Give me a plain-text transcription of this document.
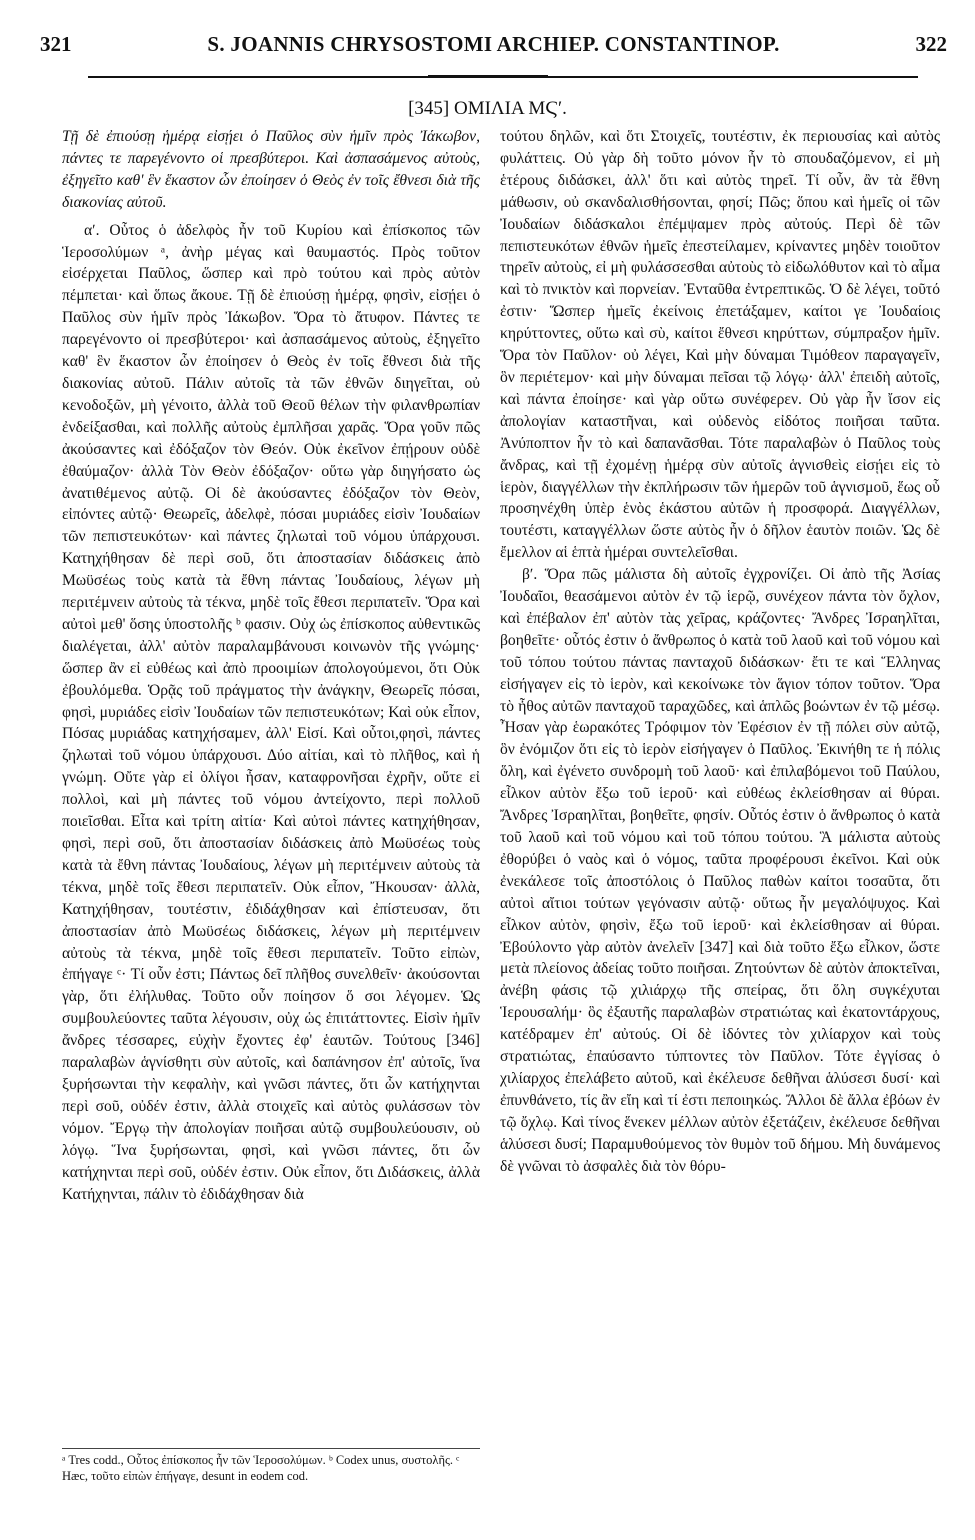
321	S. JOANNIS CHRYSOSTOMI ARCHIEP. CONSTANTINOP.	322
[345] ΟΜΙΛΙΑ ΜϚʹ.

Τῇ δὲ ἐπιούσῃ ἡμέρᾳ εἰσῄει ὁ Παῦλος σὺν ἡμῖν πρὸς Ἰάκωβον, πάντες τε παρεγένοντο οἱ πρεσβύτεροι. Καὶ ἀσπασάμενος αὐτοὺς, ἐξηγεῖτο καθ' ἓν ἕκαστον ὧν ἐποίησεν ὁ Θεὸς ἐν τοῖς ἔθνεσι διὰ τῆς διακονίας αὐτοῦ.

αʹ. Οὗτος ὁ ἀδελφὸς ἦν τοῦ Κυρίου καὶ ἐπίσκοπος τῶν Ἱεροσολύμων ᵃ, ἀνὴρ μέγας καὶ θαυμαστός. Πρὸς τοῦτον εἰσέρχεται Παῦλος, ὥσπερ καὶ πρὸ τούτου καὶ πρὸς αὐτὸν πέμπεται· καὶ ὅπως ἄκουε. Τῇ δὲ ἐπιούσῃ ἡμέρᾳ, φησὶν, εἰσῄει ὁ Παῦλος σὺν ἡμῖν πρὸς Ἰάκωβον. Ὅρα τὸ ἄτυφον. Πάντες τε παρεγένοντο οἱ πρεσβύτεροι· καὶ ἀσπασάμενος αὐτοὺς, ἐξηγεῖτο καθ' ἓν ἕκαστον ὧν ἐποίησεν ὁ Θεὸς ἐν τοῖς ἔθνεσι διὰ τῆς διακονίας αὐτοῦ. Πάλιν αὐτοῖς τὰ τῶν ἐθνῶν διηγεῖται, οὐ κενοδοξῶν, μὴ γένοιτο, ἀλλὰ τοῦ Θεοῦ θέλων τὴν φιλανθρωπίαν ἐνδείξασθαι, καὶ πολλῆς αὐτοὺς ἐμπλῆσαι χαρᾶς. Ὅρα γοῦν πῶς ἀκούσαντες καὶ ἐδόξαζον τὸν Θεόν. Οὐκ ἐκεῖνον ἐπῄρουν οὐδὲ ἐθαύμαζον· ἀλλὰ Τὸν Θεὸν ἐδόξαζον· οὕτω γὰρ διηγήσατο ὡς ἀνατιθέμενος αὐτῷ. Οἱ δὲ ἀκούσαντες ἐδόξαζον τὸν Θεὸν, εἰπόντες αὐτῷ· Θεωρεῖς, ἀδελφὲ, πόσαι μυριάδες εἰσὶν Ἰουδαίων τῶν πεπιστευκότων· καὶ πάντες ζηλωταὶ τοῦ νόμου ὑπάρχουσι. Κατηχήθησαν δὲ περὶ σοῦ, ὅτι ἀποστασίαν διδάσκεις ἀπὸ Μωϋσέως τοὺς κατὰ τὰ ἔθνη πάντας Ἰουδαίους, λέγων μὴ περιτέμνειν αὐτοὺς τὰ τέκνα, μηδὲ τοῖς ἔθεσι περιπατεῖν. Ὅρα καὶ αὐτοὶ μεθ' ὅσης ὑποστολῆς ᵇ φασιν. Οὐχ ὡς ἐπίσκοπος αὐθεντικῶς διαλέγεται, ἀλλ' αὐτὸν παραλαμβάνουσι κοινωνὸν τῆς γνώμης· ὥσπερ ἂν εἰ εὐθέως καὶ ἀπὸ προοιμίων ἀπολογούμενοι, ὅτι Οὐκ ἐβουλόμεθα. Ὁρᾷς τοῦ πράγματος τὴν ἀνάγκην, Θεωρεῖς πόσαι, φησὶ, μυριάδες εἰσὶν Ἰουδαίων τῶν πεπιστευκότων; Καὶ οὐκ εἶπον, Πόσας μυριάδας κατηχήσαμεν, ἀλλ' Εἰσί. Καὶ οὗτοι,φησὶ, πάντες ζηλωταὶ τοῦ νόμου ὑπάρχουσι. Δύο αἰτίαι, καὶ τὸ πλῆθος, καὶ ἡ γνώμη. Οὔτε γὰρ εἰ ὀλίγοι ἦσαν, καταφρονῆσαι ἐχρῆν, οὔτε εἰ πολλοὶ, καὶ μὴ πάντες τοῦ νόμου ἀντείχοντο, περὶ πολλοῦ ποιεῖσθαι. Εἶτα καὶ τρίτη αἰτία· Καὶ αὐτοὶ πάντες κατηχήθησαν, φησὶ, περὶ σοῦ, ὅτι ἀποστασίαν διδάσκεις ἀπὸ Μωϋσέως τοὺς κατὰ τὰ ἔθνη πάντας Ἰουδαίους, λέγων μὴ περιτέμνειν αὐτοὺς τὰ τέκνα, μηδὲ τοῖς ἔθεσι περιπατεῖν. Οὐκ εἶπον, Ἤκουσαν· ἀλλὰ, Κατηχήθησαν, τουτέστιν, ἐδιδάχθησαν καὶ ἐπίστευσαν, ὅτι ἀποστασίαν ἀπὸ Μωϋσέως διδάσκεις, λέγων μὴ περιτέμνειν αὐτοὺς τὰ τέκνα, μηδὲ τοῖς ἔθεσι περιπατεῖν. Τοῦτο εἰπὼν, ἐπήγαγε ᶜ· Τί οὖν ἐστι; Πάντως δεῖ πλῆθος συνελθεῖν· ἀκούσονται γὰρ, ὅτι ἐλήλυθας. Τοῦτο οὖν ποίησον ὅ σοι λέγομεν. Ὡς συμβουλεύοντες ταῦτα λέγουσιν, οὐχ ὡς ἐπιτάττοντες. Εἰσὶν ἡμῖν ἄνδρες τέσσαρες, εὐχὴν ἔχοντες ἐφ' ἑαυτῶν. Τούτους [346] παραλαβὼν ἁγνίσθητι σὺν αὐτοῖς, καὶ δαπάνησον ἐπ' αὐτοῖς, ἵνα ξυρήσωνται τὴν κεφαλὴν, καὶ γνῶσι πάντες, ὅτι ὧν κατήχηνται περὶ σοῦ, οὐδέν ἐστιν, ἀλλὰ στοιχεῖς καὶ αὐτὸς φυλάσσων τὸν νόμον. Ἔργῳ τὴν ἀπολογίαν ποιῆσαι αὐτῷ συμβουλεύουσιν, οὐ λόγῳ. Ἵνα ξυρήσωνται, φησὶ, καὶ γνῶσι πάντες, ὅτι ὧν κατήχηνται περὶ σοῦ, οὐδέν ἐστιν. Οὐκ εἶπον, ὅτι Διδάσκεις, ἀλλὰ Κατήχηνται, πάλιν τὸ ἐδιδάχθησαν διὰ

τούτου δηλῶν, καὶ ὅτι Στοιχεῖς, τουτέστιν, ἐκ περιουσίας καὶ αὐτὸς φυλάττεις. Οὐ γὰρ δὴ τοῦτο μόνον ἦν τὸ σπουδαζόμενον, εἰ μὴ ἑτέρους διδάσκει, ἀλλ' ὅτι καὶ αὐτὸς τηρεῖ. Τί οὖν, ἂν τὰ ἔθνη μάθωσιν, οὐ σκανδαλισθήσονται, φησί; Πῶς; ὅπου καὶ ἡμεῖς οἱ τῶν Ἰουδαίων διδάσκαλοι ἐπέμψαμεν πρὸς αὐτούς. Περὶ δὲ τῶν πεπιστευκότων ἐθνῶν ἡμεῖς ἐπεστείλαμεν, κρίναντες μηδὲν τοιοῦτον τηρεῖν αὐτοὺς, εἰ μὴ φυλάσσεσθαι αὐτοὺς τὸ εἰδωλόθυτον καὶ τὸ αἷμα καὶ τὸ πνικτὸν καὶ πορνείαν. Ἐνταῦθα ἐντρεπτικῶς. Ὁ δὲ λέγει, τοῦτό ἐστιν· Ὥσπερ ἡμεῖς ἐκείνοις ἐπετάξαμεν, καίτοι γε Ἰουδαίοις κηρύττοντες, οὕτω καὶ σὺ, καίτοι ἔθνεσι κηρύττων, σύμπραξον ἡμῖν. Ὅρα τὸν Παῦλον· οὐ λέγει, Καὶ μὴν δύναμαι Τιμόθεον παραγαγεῖν, ὃν περιέτεμον· καὶ μὴν δύναμαι πεῖσαι τῷ λόγῳ· ἀλλ' ἐπειδὴ αὐτοῖς, καὶ πάντα ἐποίησε· καὶ γὰρ οὕτω συνέφερεν. Οὐ γὰρ ἦν ἴσον εἰς ἀπολογίαν καταστῆναι, καὶ οὐδενὸς εἰδότος ποιῆσαι ταῦτα. Ἀνύποπτον ἦν τὸ καὶ δαπανᾶσθαι. Τότε παραλαβὼν ὁ Παῦλος τοὺς ἄνδρας, καὶ τῇ ἐχομένῃ ἡμέρᾳ σὺν αὐτοῖς ἁγνισθεὶς εἰσῄει εἰς τὸ ἱερὸν, διαγγέλλων τὴν ἐκπλήρωσιν τῶν ἡμερῶν τοῦ ἁγνισμοῦ, ἕως οὗ προσηνέχθη ὑπὲρ ἑνὸς ἑκάστου αὐτῶν ἡ προσφορά. Διαγγέλλων, τουτέστι, καταγγέλλων ὥστε αὐτὸς ἦν ὁ δῆλον ἑαυτὸν ποιῶν. Ὡς δὲ ἔμελλον αἱ ἑπτὰ ἡμέραι συντελεῖσθαι.

βʹ. Ὅρα πῶς μάλιστα δὴ αὐτοῖς ἐγχρονίζει. Οἱ ἀπὸ τῆς Ἀσίας Ἰουδαῖοι, θεασάμενοι αὐτὸν ἐν τῷ ἱερῷ, συνέχεον πάντα τὸν ὄχλον, καὶ ἐπέβαλον ἐπ' αὐτὸν τὰς χεῖρας, κράζοντες· Ἄνδρες Ἰσραηλῖται, βοηθεῖτε· οὗτός ἐστιν ὁ ἄνθρωπος ὁ κατὰ τοῦ λαοῦ καὶ τοῦ νόμου καὶ τοῦ τόπου τούτου πάντας πανταχοῦ διδάσκων· ἔτι τε καὶ Ἕλληνας εἰσήγαγεν εἰς τὸ ἱερὸν, καὶ κεκοίνωκε τὸν ἅγιον τόπον τοῦτον. Ὅρα τὸ ἦθος αὐτῶν πανταχοῦ ταραχῶδες, καὶ ἁπλῶς βοώντων ἐν τῷ μέσῳ. Ἦσαν γὰρ ἑωρακότες Τρόφιμον τὸν Ἐφέσιον ἐν τῇ πόλει σὺν αὐτῷ, ὃν ἐνόμιζον ὅτι εἰς τὸ ἱερὸν εἰσήγαγεν ὁ Παῦλος. Ἐκινήθη τε ἡ πόλις ὅλη, καὶ ἐγένετο συνδρομὴ τοῦ λαοῦ· καὶ ἐπιλαβόμενοι τοῦ Παύλου, εἷλκον αὐτὸν ἔξω τοῦ ἱεροῦ· καὶ εὐθέως ἐκλείσθησαν αἱ θύραι. Ἄνδρες Ἰσραηλῖται, βοηθεῖτε, φησίν. Οὗτός ἐστιν ὁ ἄνθρωπος ὁ κατὰ τοῦ λαοῦ καὶ τοῦ νόμου καὶ τοῦ τόπου τούτου. Ἃ μάλιστα αὐτοὺς ἐθορύβει ὁ ναὸς καὶ ὁ νόμος, ταῦτα προφέρουσι ἐκεῖνοι. Καὶ οὐκ ἐνεκάλεσε τοῖς ἀποστόλοις ὁ Παῦλος παθὼν καίτοι τοσαῦτα, ὅτι αὐτοὶ αἴτιοι τούτων γεγόνασιν αὐτῷ· οὕτως ἦν μεγαλόψυχος. Καὶ εἷλκον αὐτὸν, φησὶν, ἔξω τοῦ ἱεροῦ· καὶ ἐκλείσθησαν αἱ θύραι. Ἐβούλοντο γὰρ αὐτὸν ἀνελεῖν [347] καὶ διὰ τοῦτο ἔξω εἷλκον, ὥστε μετὰ πλείονος ἀδείας τοῦτο ποιῆσαι. Ζητούντων δὲ αὐτὸν ἀποκτεῖναι, ἀνέβη φάσις τῷ χιλιάρχῳ τῆς σπείρας, ὅτι ὅλη συγκέχυται Ἱερουσαλήμ· ὃς ἐξαυτῆς παραλαβὼν στρατιώτας καὶ ἑκατοντάρχους, κατέδραμεν ἐπ' αὐτούς. Οἱ δὲ ἰδόντες τὸν χιλίαρχον καὶ τοὺς στρατιώτας, ἐπαύσαντο τύπτοντες τὸν Παῦλον. Τότε ἐγγίσας ὁ χιλίαρχος ἐπελάβετο αὐτοῦ, καὶ ἐκέλευσε δεθῆναι ἁλύσεσι δυσί· καὶ ἐπυνθάνετο, τίς ἂν εἴη καὶ τί ἐστι πεποιηκώς. Ἄλλοι δὲ ἄλλα ἐβόων ἐν τῷ ὄχλῳ. Καὶ τίνος ἕνεκεν μέλλων αὐτὸν ἐξετάζειν, ἐκέλευσε δεθῆναι ἁλύσεσι δυσί; Παραμυθούμενος τὸν θυμὸν τοῦ δήμου. Μὴ δυνάμενος δὲ γνῶναι τὸ ἀσφαλὲς διὰ τὸν θόρυ-

ᵃ Tres codd., Οὗτος ἐπίσκοπος ἦν τῶν Ἱεροσολύμων. ᵇ Codex unus, συστολῆς. ᶜ Hæc, τοῦτο εἰπὼν ἐπήγαγε, desunt in eodem cod.
